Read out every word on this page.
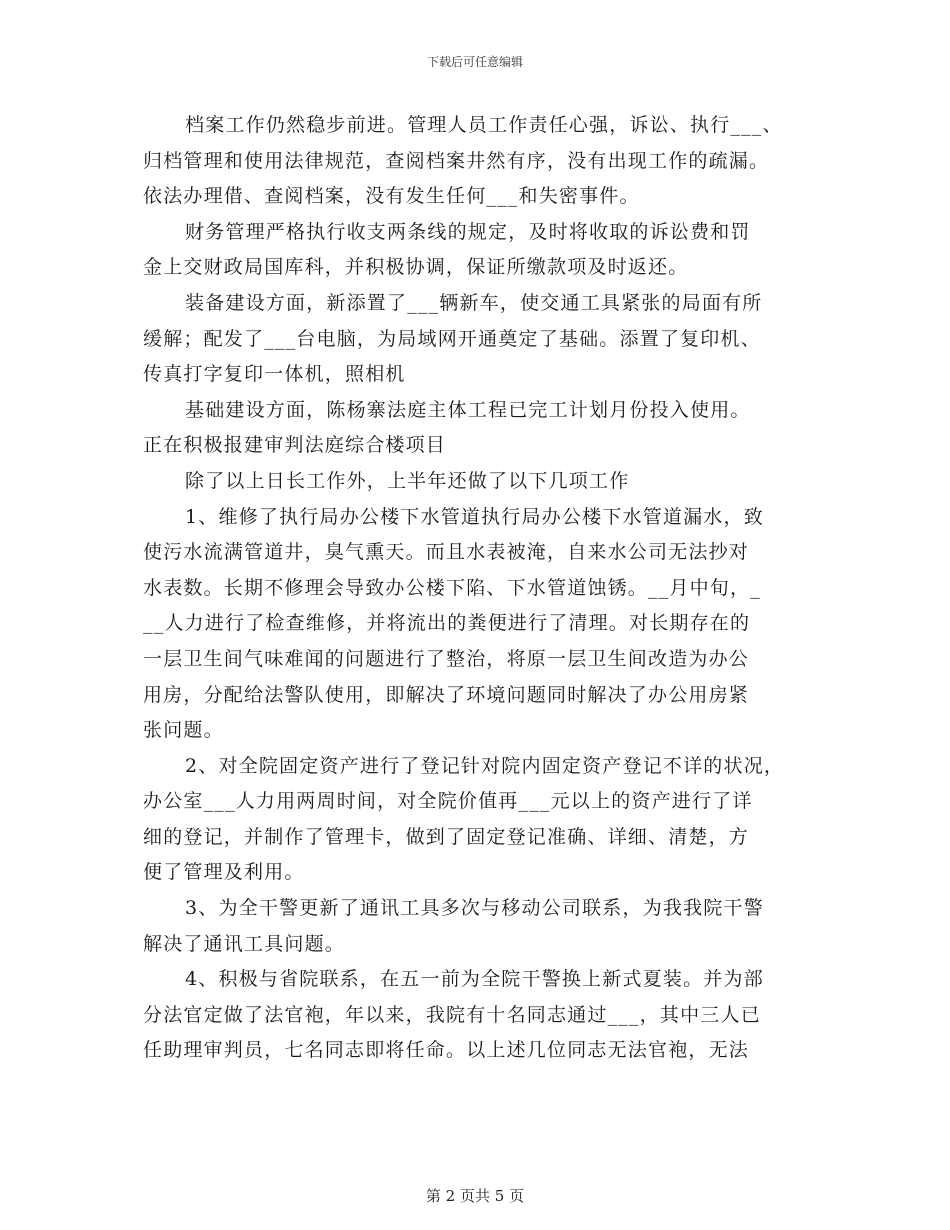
下载后可任意编辑
档案工作仍然稳步前进。管理人员工作责任心强，诉讼、执行___、
归档管理和使用法律规范，查阅档案井然有序，没有出现工作的疏漏。
依法办理借、查阅档案，没有发生任何___和失密事件。
财务管理严格执行收支两条线的规定，及时将收取的诉讼费和罚
金上交财政局国库科，并积极协调，保证所缴款项及时返还。
装备建设方面，新添置了___辆新车，使交通工具紧张的局面有所
缓解；配发了___台电脑，为局域网开通奠定了基础。添置了复印机、
传真打字复印一体机，照相机
基础建设方面，陈杨寨法庭主体工程已完工计划月份投入使用。
正在积极报建审判法庭综合楼项目
除了以上日长工作外，上半年还做了以下几项工作
1、维修了执行局办公楼下水管道执行局办公楼下水管道漏水，致
使污水流满管道井，臭气熏天。而且水表被淹，自来水公司无法抄对
水表数。长期不修理会导致办公楼下陷、下水管道蚀锈。__月中旬，_
__人力进行了检查维修，并将流出的粪便进行了清理。对长期存在的
一层卫生间气味难闻的问题进行了整治，将原一层卫生间改造为办公
用房，分配给法警队使用，即解决了环境问题同时解决了办公用房紧
张问题。
2、对全院固定资产进行了登记针对院内固定资产登记不详的状况，
办公室___人力用两周时间，对全院价值再___元以上的资产进行了详
细的登记，并制作了管理卡，做到了固定登记准确、详细、清楚，方
便了管理及利用。
3、为全干警更新了通讯工具多次与移动公司联系，为我我院干警
解决了通讯工具问题。
4、积极与省院联系，在五一前为全院干警换上新式夏装。并为部
分法官定做了法官袍，年以来，我院有十名同志通过___，其中三人已
任助理审判员，七名同志即将任命。以上述几位同志无法官袍，无法
第 2 页共 5 页
